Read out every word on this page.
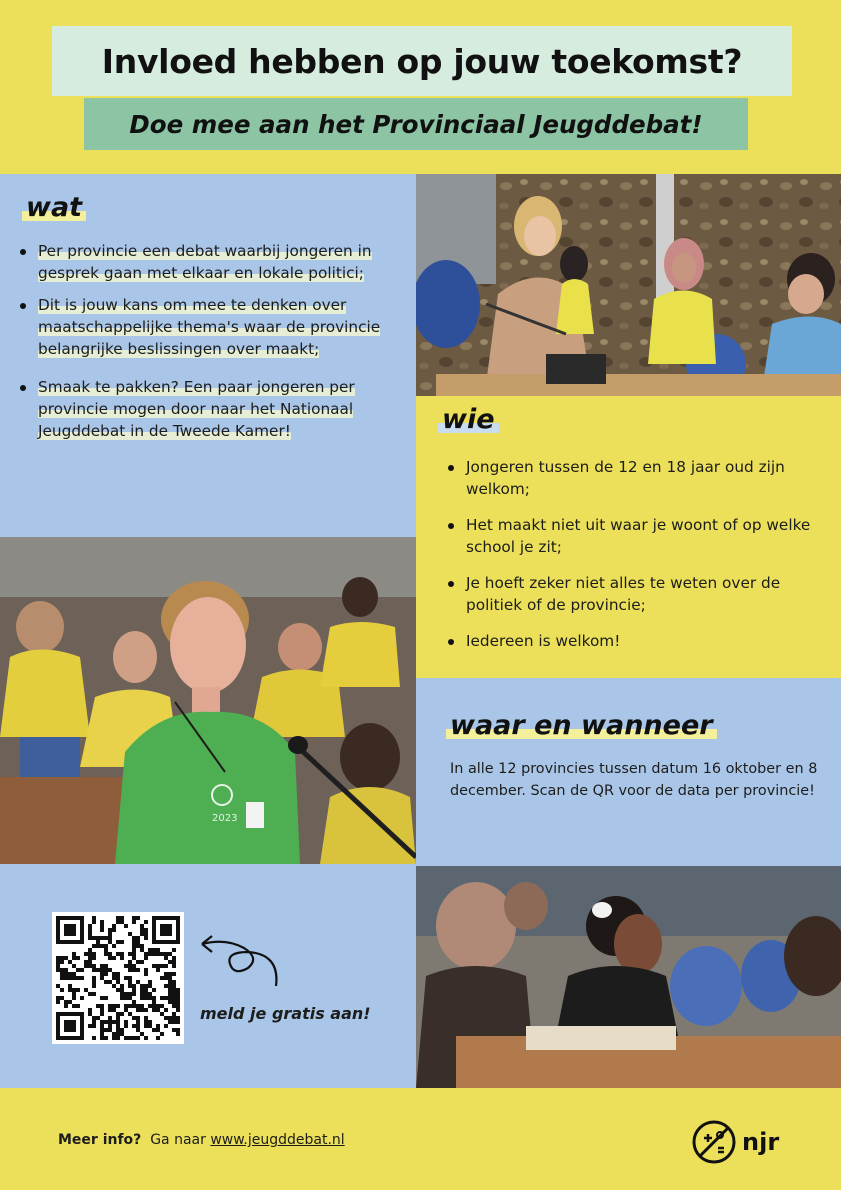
Invloed hebben op jouw toekomst?
Doe mee aan het Provinciaal Jeugddebat!
wat
Per provincie een debat waarbij jongeren in gesprek gaan met elkaar en lokale politici;
Dit is jouw kans om mee te denken over maatschappelijke thema's waar de provincie belangrijke beslissingen over maakt;
Smaak te pakken? Een paar jongeren per provincie mogen door naar het Nationaal Jeugddebat in de Tweede Kamer!	wie
Jongeren tussen de 12 en 18 jaar oud zijn welkom;
Het maakt niet uit waar je woont of op welke school je zit;
Je hoeft zeker niet alles te weten over de politiek of de provincie;
Iedereen is welkom!
2023
waar en wanneer

In alle 12 provincies tussen datum 16 oktober en 8 december. Scan de QR voor de data per provincie!

meld je gratis aan!
Meer info? Ga naar www.jeugddebat.nl	njr
